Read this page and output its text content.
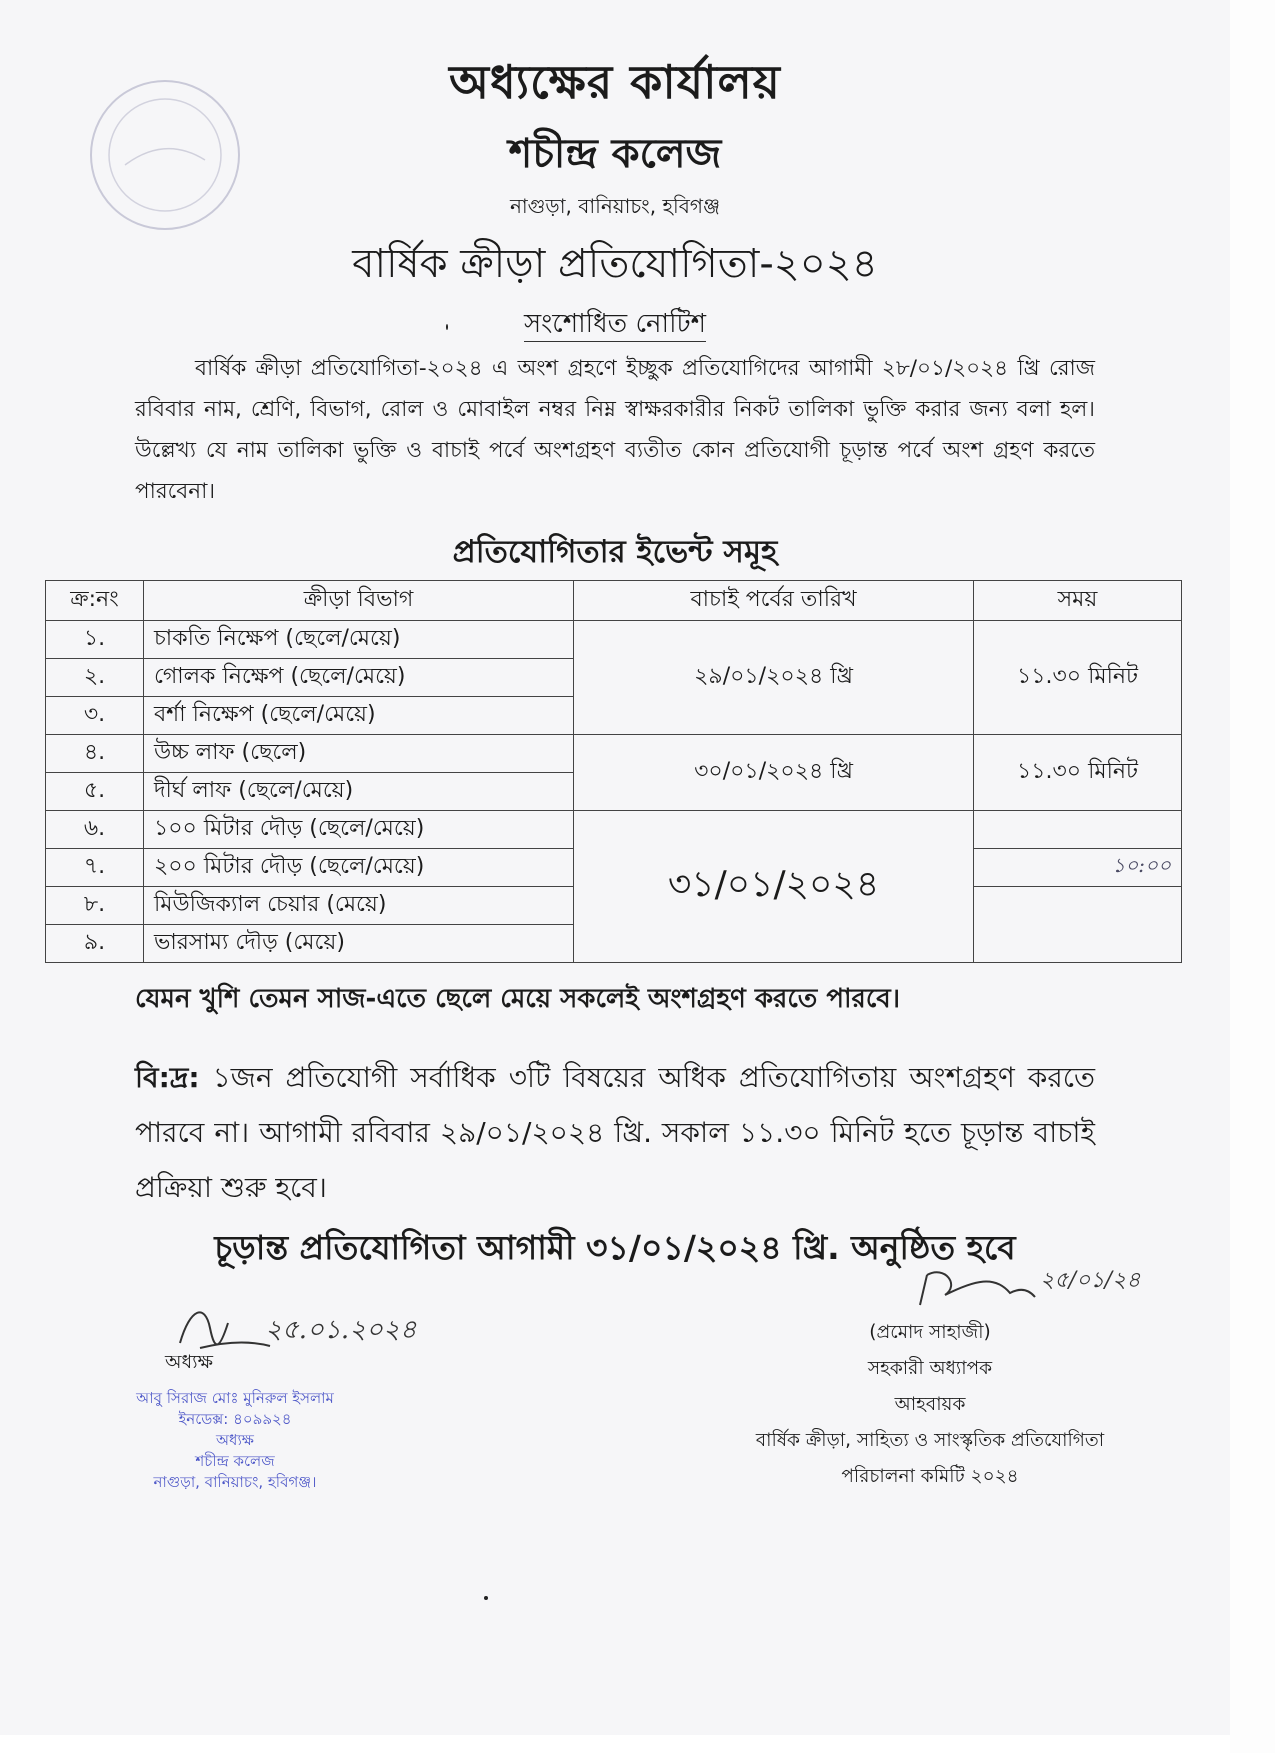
অধ্যক্ষের কার্যালয়
শচীন্দ্র কলেজ
নাগুড়া, বানিয়াচং, হবিগঞ্জ
বার্ষিক ক্রীড়া প্রতিযোগিতা-২০২৪
সংশোধিত নোটিশ
বার্ষিক ক্রীড়া প্রতিযোগিতা-২০২৪ এ অংশ গ্রহণে ইচ্ছুক প্রতিযোগিদের আগামী ২৮/০১/২০২৪ খ্রি রোজ রবিবার নাম, শ্রেণি, বিভাগ, রোল ও মোবাইল নম্বর নিম্ন স্বাক্ষরকারীর নিকট তালিকা ভুক্তি করার জন্য বলা হল। উল্লেখ্য যে নাম তালিকা ভুক্তি ও বাচাই পর্বে অংশগ্রহণ ব্যতীত কোন প্রতিযোগী চূড়ান্ত পর্বে অংশ গ্রহণ করতে পারবেনা।
প্রতিযোগিতার ইভেন্ট সমূহ
ক্র:নং	ক্রীড়া বিভাগ	বাচাই পর্বের তারিখ	সময়
১.	চাকতি নিক্ষেপ (ছেলে/মেয়ে)	২৯/০১/২০২৪ খ্রি	১১.৩০ মিনিট
২.	গোলক নিক্ষেপ (ছেলে/মেয়ে)		
৩.	বর্শা নিক্ষেপ (ছেলে/মেয়ে)		
৪.	উচ্চ লাফ (ছেলে)	৩০/০১/২০২৪ খ্রি	১১.৩০ মিনিট
৫.	দীর্ঘ লাফ (ছেলে/মেয়ে)		
৬.	১০০ মিটার দৌড় (ছেলে/মেয়ে)	৩১/০১/২০২৪	
৭.	২০০ মিটার দৌড় (ছেলে/মেয়ে)		১০:০০
৮.	মিউজিক্যাল চেয়ার (মেয়ে)		
৯.	ভারসাম্য দৌড় (মেয়ে)		
যেমন খুশি তেমন সাজ-এতে ছেলে মেয়ে সকলেই অংশগ্রহণ করতে পারবে।
বি:দ্র: ১জন প্রতিযোগী সর্বাধিক ৩টি বিষয়ের অধিক প্রতিযোগিতায় অংশগ্রহণ করতে পারবে না। আগামী রবিবার ২৯/০১/২০২৪ খ্রি. সকাল ১১.৩০ মিনিট হতে চূড়ান্ত বাচাই প্রক্রিয়া শুরু হবে।
চূড়ান্ত প্রতিযোগিতা আগামী ৩১/০১/২০২৪ খ্রি. অনুষ্ঠিত হবে
২৫.০১.২০২৪
অধ্যক্ষ
আবু সিরাজ মোঃ মুনিরুল ইসলাম
ইনডেক্স: ৪০৯৯২৪
অধ্যক্ষ
শচীন্দ্র কলেজ
নাগুড়া, বানিয়াচং, হবিগঞ্জ।
২৫/০১/২৪
(প্রমোদ সাহাজী)
সহকারী অধ্যাপক
আহবায়ক
বার্ষিক ক্রীড়া, সাহিত্য ও সাংস্কৃতিক প্রতিযোগিতা
পরিচালনা কমিটি ২০২৪
